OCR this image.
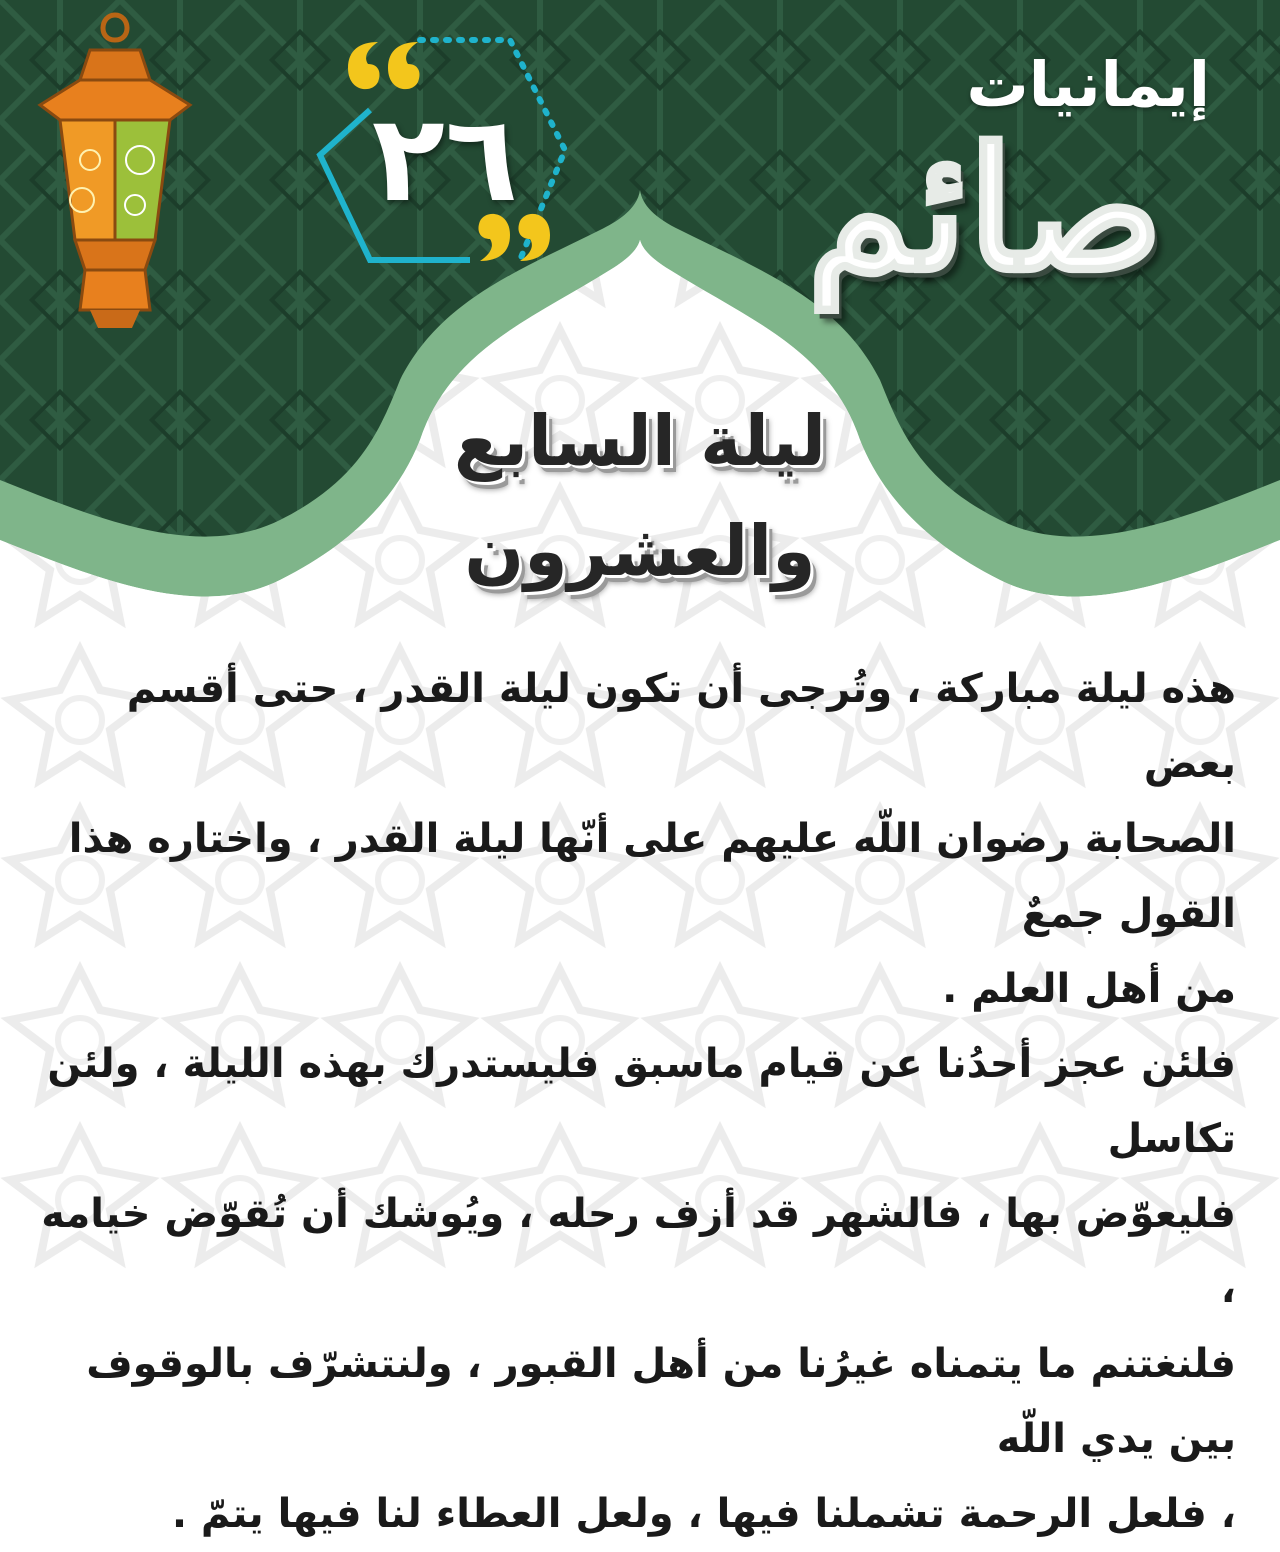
٢٦
إيمانيات
صائم
ليلة السابع
والعشرون

هذه ليلة مباركة ، وتُرجى أن تكون ليلة القدر ، حتى أقسم بعض

الصحابة رضوان اللّه عليهم على أنّها ليلة القدر ، واختاره هذا القول جمعٌ

من أهل العلم .

فلئن عجز أحدُنا عن قيام ماسبق فليستدرك بهذه الليلة ، ولئن تكاسل

فليعوّض بها ، فالشهر قد أزف رحله ، ويُوشك أن تُقوّض خيامه ،

فلنغتنم ما يتمناه غيرُنا من أهل القبور ، ولنتشرّف بالوقوف بين يدي اللّه

، فلعل الرحمة تشملنا فيها ، ولعل العطاء لنا فيها يتمّ .
